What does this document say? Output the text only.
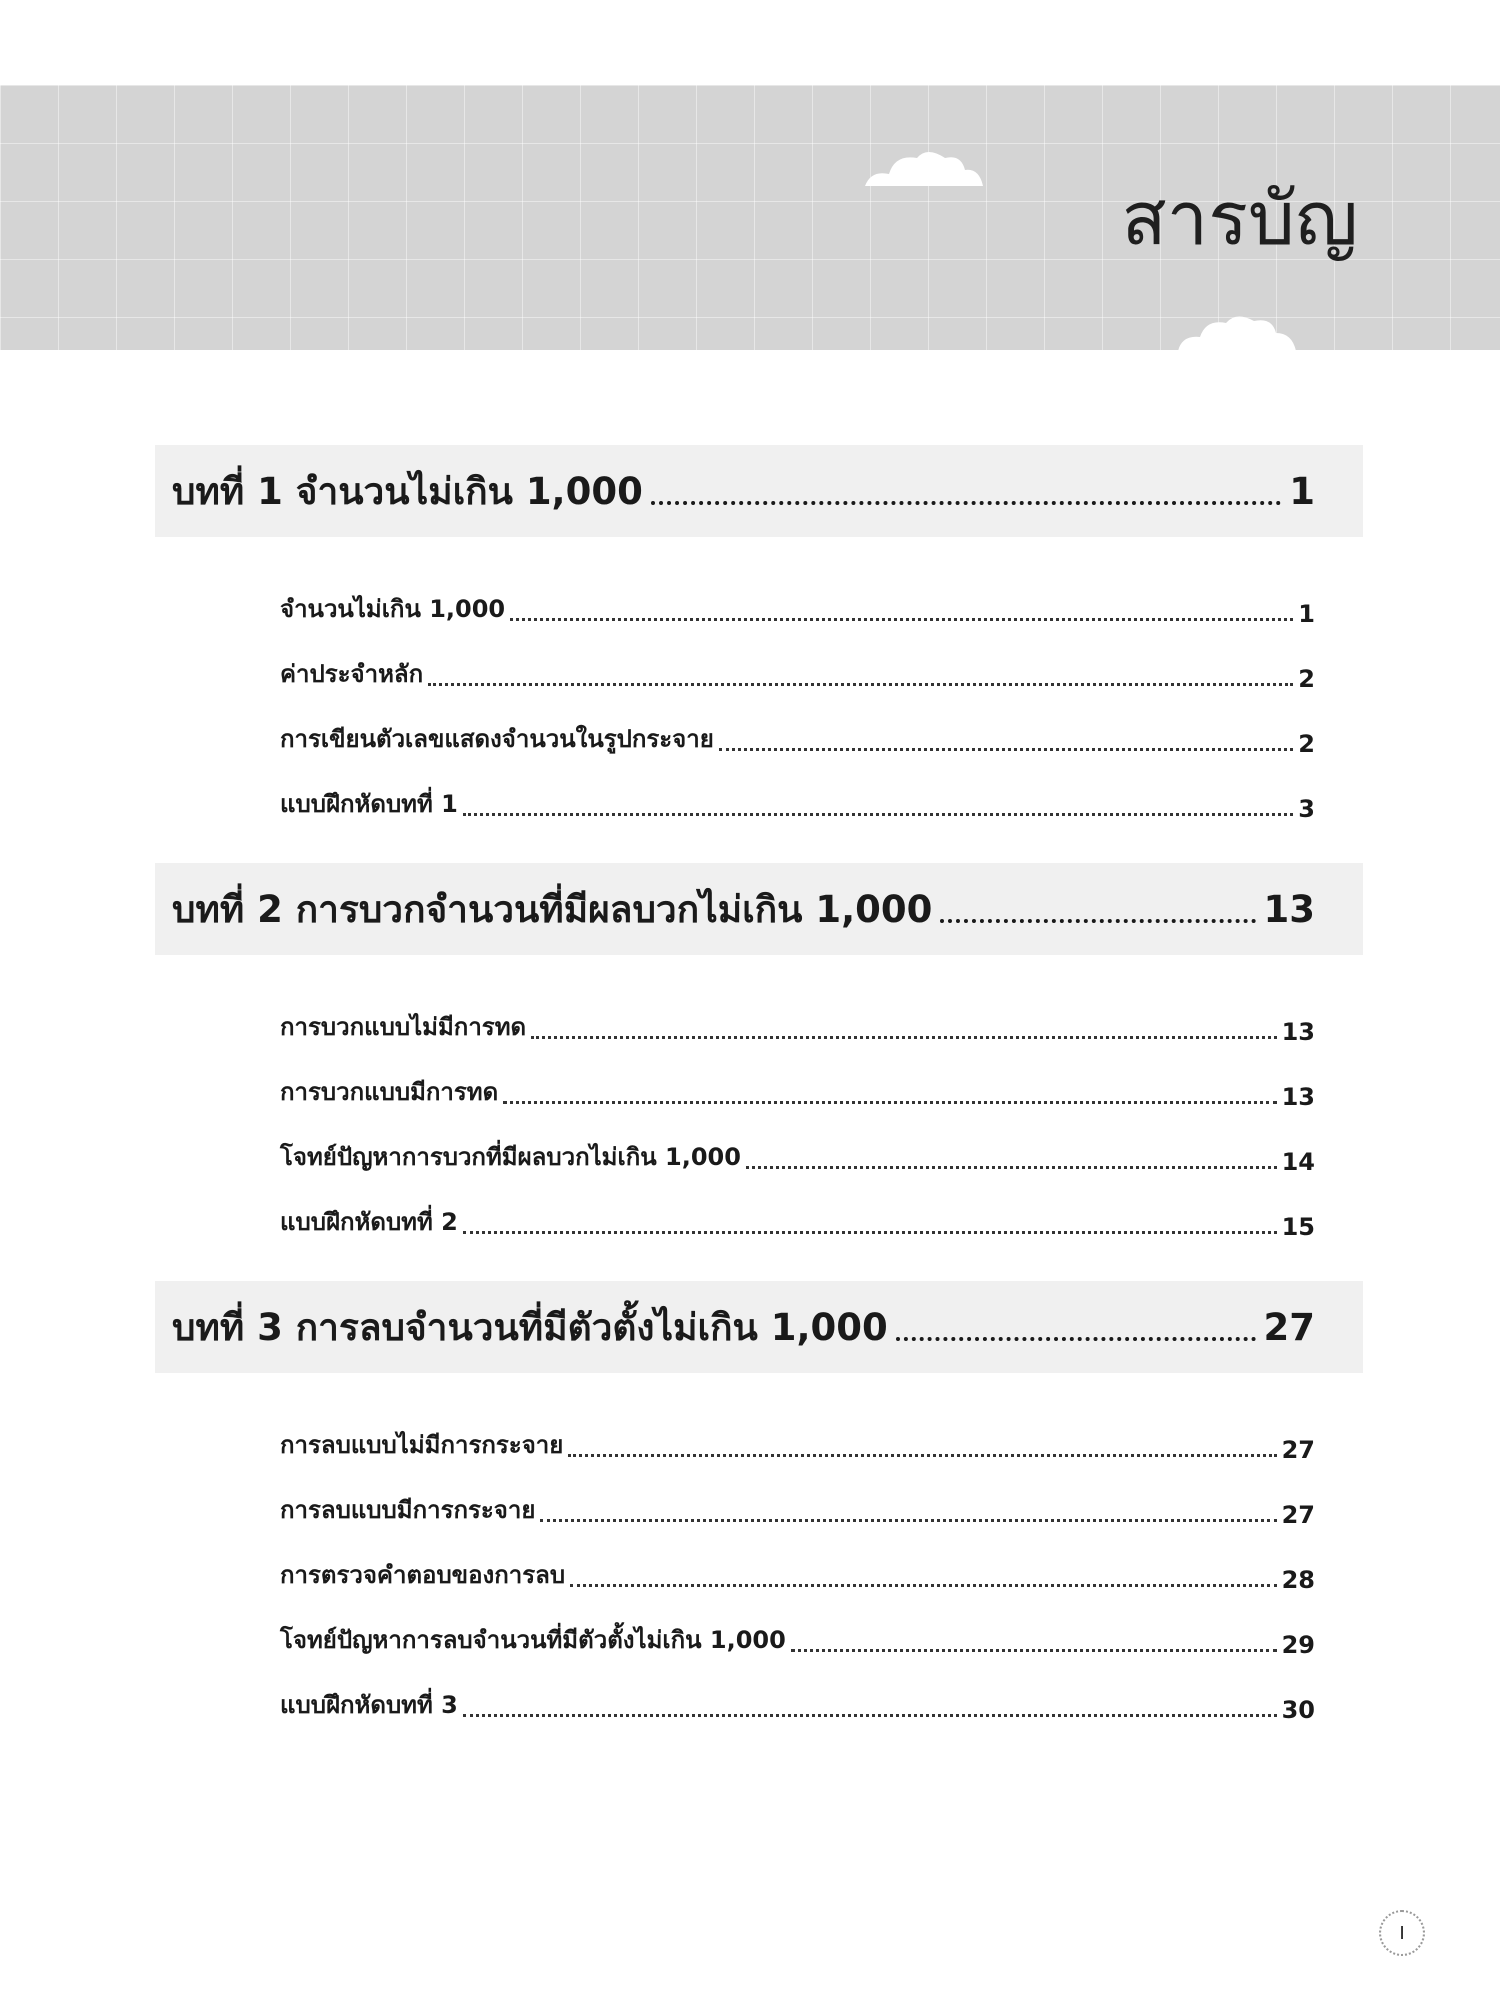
สารบัญ
บทที่ 1 จำนวนไม่เกิน 1,000	1
จำนวนไม่เกิน 1,000	1
ค่าประจำหลัก	2
การเขียนตัวเลขแสดงจำนวนในรูปกระจาย	2
แบบฝึกหัดบทที่ 1	3
บทที่ 2 การบวกจำนวนที่มีผลบวกไม่เกิน 1,000	13
การบวกแบบไม่มีการทด	13
การบวกแบบมีการทด	13
โจทย์ปัญหาการบวกที่มีผลบวกไม่เกิน 1,000	14
แบบฝึกหัดบทที่ 2	15
บทที่ 3 การลบจำนวนที่มีตัวตั้งไม่เกิน 1,000	27
การลบแบบไม่มีการกระจาย	27
การลบแบบมีการกระจาย	27
การตรวจคำตอบของการลบ	28
โจทย์ปัญหาการลบจำนวนที่มีตัวตั้งไม่เกิน 1,000	29
แบบฝึกหัดบทที่ 3	30
I
